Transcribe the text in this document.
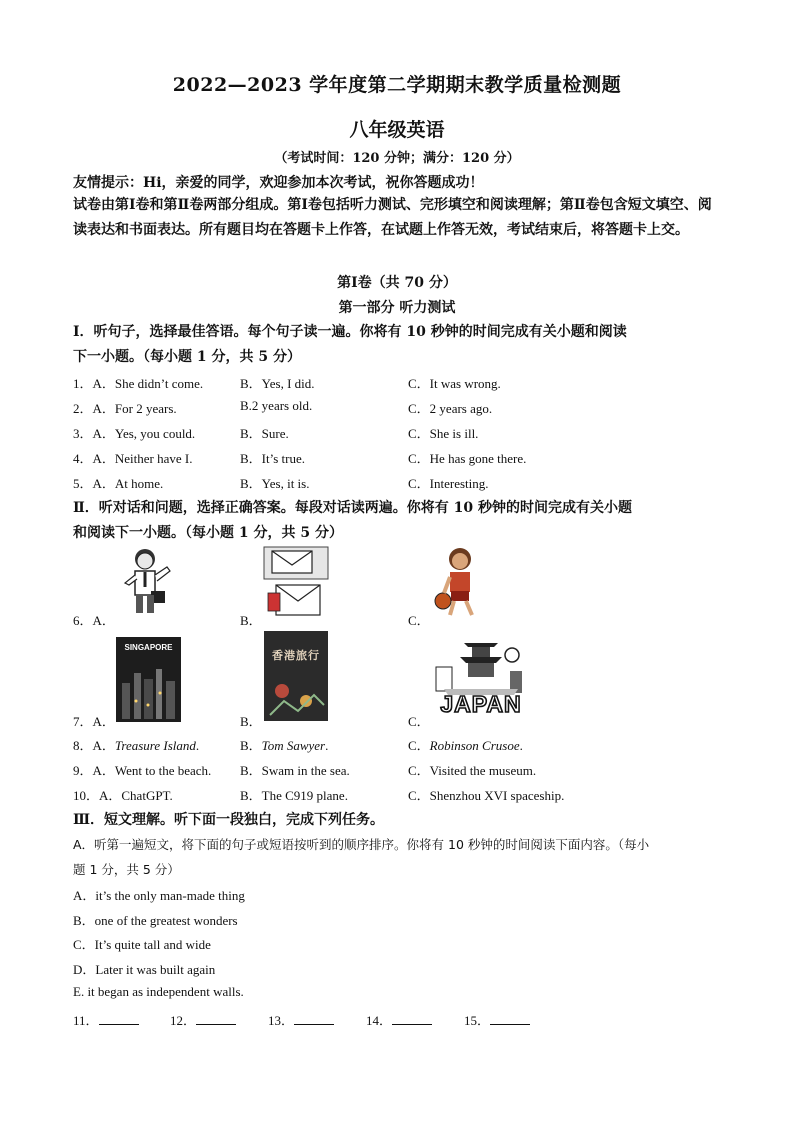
2022—2023 学年度第二学期期末教学质量检测题
八年级英语
（考试时间：120 分钟；满分：120 分）
友情提示：Hi，亲爱的同学，欢迎参加本次考试，祝你答题成功！
试卷由第Ⅰ卷和第Ⅱ卷两部分组成。第Ⅰ卷包括听力测试、完形填空和阅读理解；第Ⅱ卷包含短文填空、阅读表达和书面表达。所有题目均在答题卡上作答，在试题上作答无效，考试结束后，将答题卡上交。
第Ⅰ卷（共 70 分）
第一部分 听力测试
Ⅰ．听句子，选择最佳答语。每个句子读一遍。你将有 10 秒钟的时间完成有关小题和阅读
下一小题。（每小题 1 分，共 5 分）
1．A．She didn’t come.	B．Yes, I did.	C．It was wrong.
2．A．For 2 years.	B.2 years old.	C．2 years ago.
3．A．Yes, you could.	B．Sure.	C．She is ill.
4．A．Neither have I.	B．It’s true.	C．He has gone there.
5．A．At home.	B．Yes, it is.	C．Interesting.
Ⅱ．听对话和问题，选择正确答案。每段对话读两遍。你将有 10 秒钟的时间完成有关小题
和阅读下一小题。（每小题 1 分，共 5 分）
6．A．	B．	C．
SINGAPORE
香港旅行
JAPAN
7．A．	B．	C．
8．A．Treasure Island.	B．Tom Sawyer.	C．Robinson Crusoe.
9．A．Went to the beach. B．Swam in the sea.	C．Visited the museum.
10．A．ChatGPT.	B．The C919 plane.	C．Shenzhou XVI spaceship.
Ⅲ．短文理解。听下面一段独白，完成下列任务。
A．听第一遍短文，将下面的句子或短语按听到的顺序排序。你将有 10 秒钟的时间阅读下面内容。（每小
题 1 分，共 5 分）
A．it’s the only man-made thing
B．one of the greatest wonders
C．It’s quite tall and wide
D．Later it was built again
E. it began as independent walls.
11．	12．	13．	14．	15．
